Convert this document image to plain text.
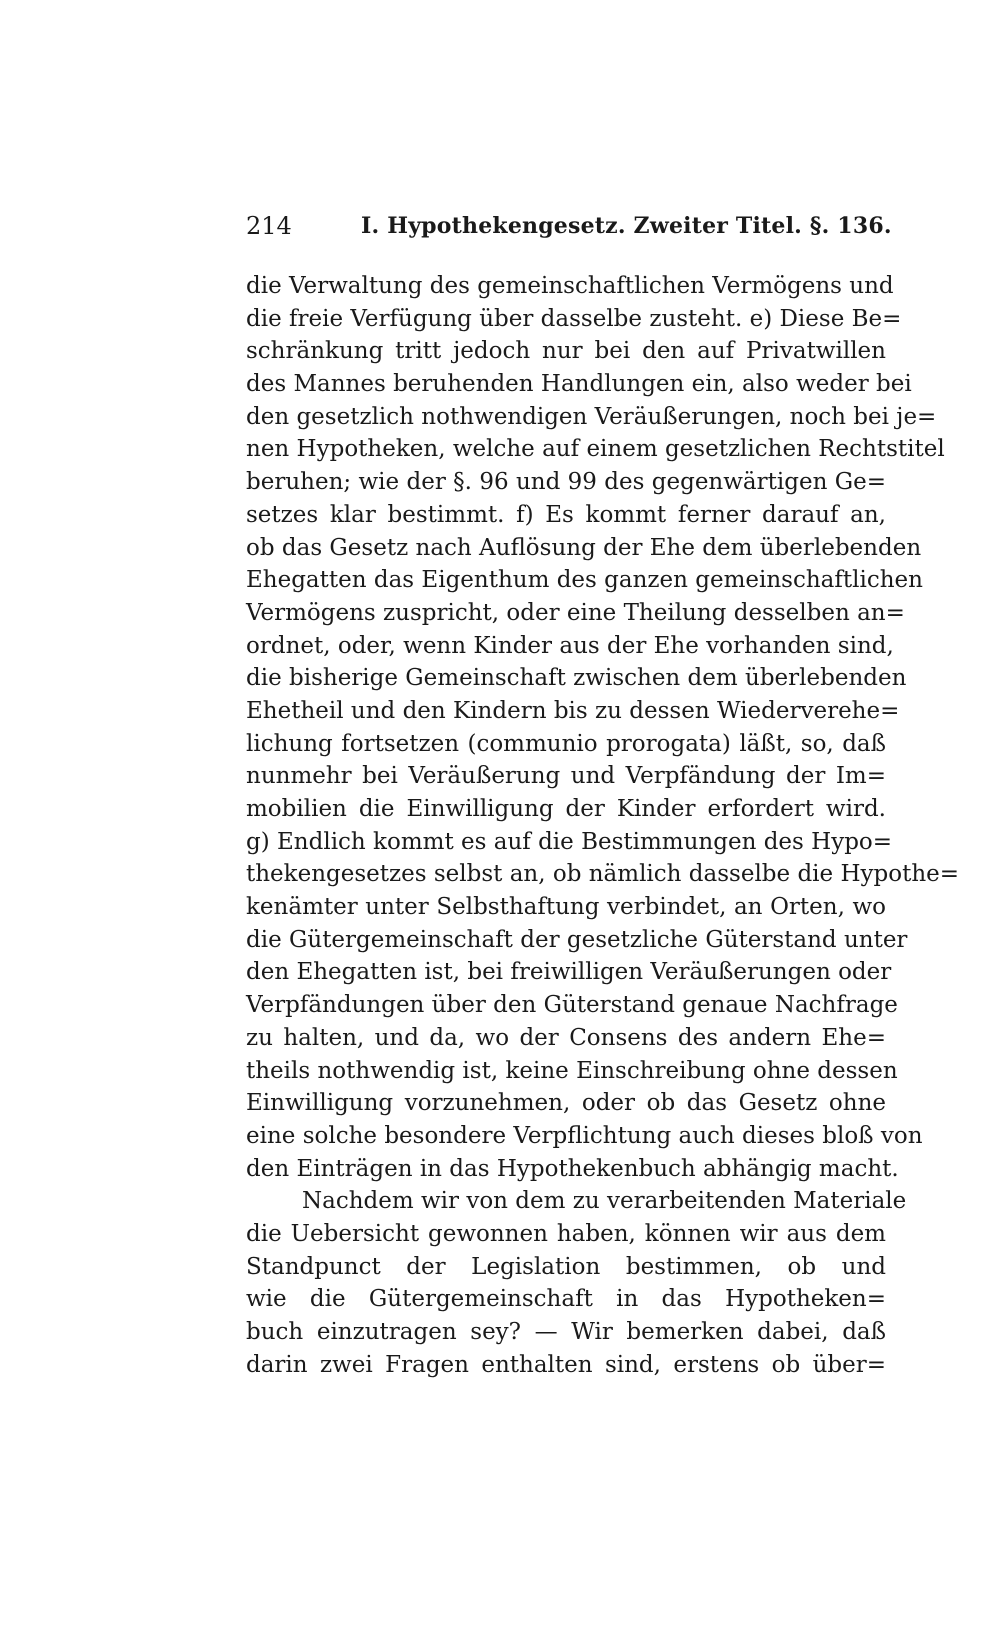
214	I. Hypothekengesetz. Zweiter Titel. §. 136.
die Verwaltung des gemeinschaftlichen Vermögens und
die freie Verfügung über dasselbe zusteht. e) Diese Be=
schränkung tritt jedoch nur bei den auf Privatwillen
des Mannes beruhenden Handlungen ein, also weder bei
den gesetzlich nothwendigen Veräußerungen, noch bei je=
nen Hypotheken, welche auf einem gesetzlichen Rechtstitel
beruhen; wie der §. 96 und 99 des gegenwärtigen Ge=
setzes klar bestimmt. f) Es kommt ferner darauf an,
ob das Gesetz nach Auflösung der Ehe dem überlebenden
Ehegatten das Eigenthum des ganzen gemeinschaftlichen
Vermögens zuspricht, oder eine Theilung desselben an=
ordnet, oder, wenn Kinder aus der Ehe vorhanden sind,
die bisherige Gemeinschaft zwischen dem überlebenden
Ehetheil und den Kindern bis zu dessen Wiederverehe=
lichung fortsetzen (communio prorogata) läßt, so, daß
nunmehr bei Veräußerung und Verpfändung der Im=
mobilien die Einwilligung der Kinder erfordert wird.
g) Endlich kommt es auf die Bestimmungen des Hypo=
thekengesetzes selbst an, ob nämlich dasselbe die Hypothe=
kenämter unter Selbsthaftung verbindet, an Orten, wo
die Gütergemeinschaft der gesetzliche Güterstand unter
den Ehegatten ist, bei freiwilligen Veräußerungen oder
Verpfändungen über den Güterstand genaue Nachfrage
zu halten, und da, wo der Consens des andern Ehe=
theils nothwendig ist, keine Einschreibung ohne dessen
Einwilligung vorzunehmen, oder ob das Gesetz ohne
eine solche besondere Verpflichtung auch dieses bloß von
den Einträgen in das Hypothekenbuch abhängig macht.
Nachdem wir von dem zu verarbeitenden Materiale
die Uebersicht gewonnen haben, können wir aus dem
Standpunct der Legislation bestimmen, ob und
wie die Gütergemeinschaft in das Hypotheken=
buch einzutragen sey? — Wir bemerken dabei, daß
darin zwei Fragen enthalten sind, erstens ob über=
